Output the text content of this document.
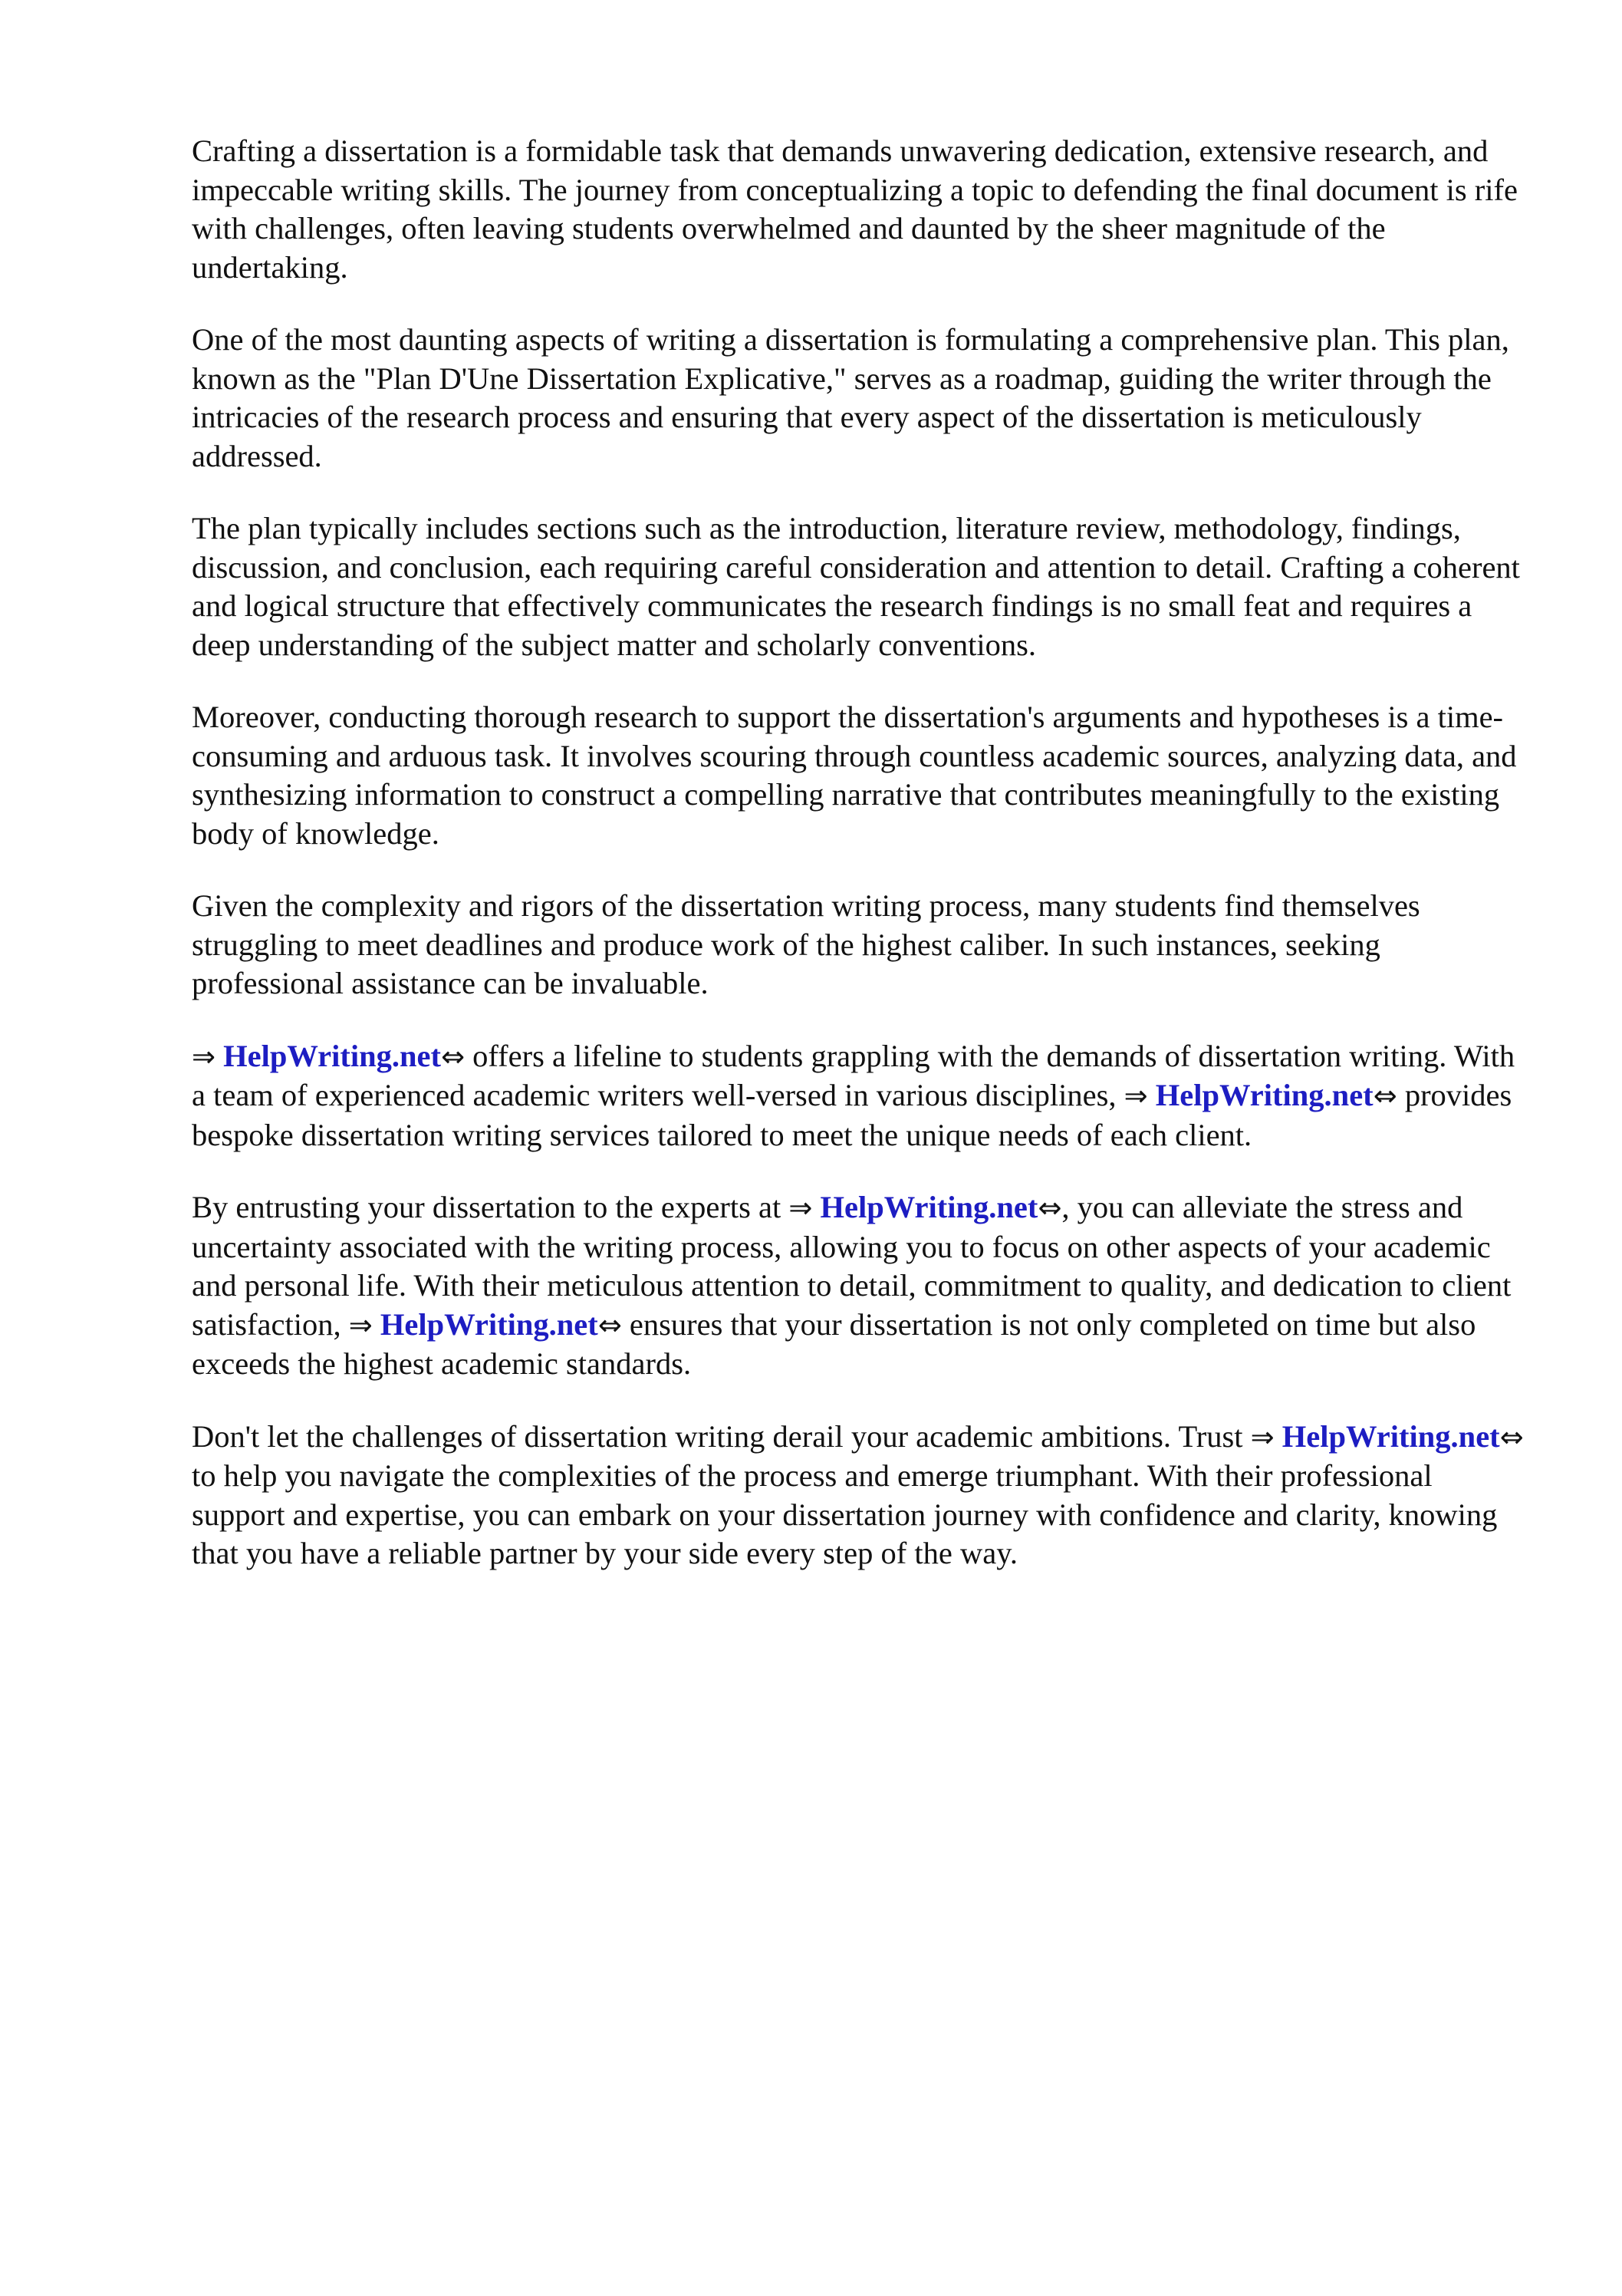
Crafting a dissertation is a formidable task that demands unwavering dedication, extensive research, and impeccable writing skills. The journey from conceptualizing a topic to defending the final document is rife with challenges, often leaving students overwhelmed and daunted by the sheer magnitude of the undertaking.

One of the most daunting aspects of writing a dissertation is formulating a comprehensive plan. This plan, known as the "Plan D'Une Dissertation Explicative," serves as a roadmap, guiding the writer through the intricacies of the research process and ensuring that every aspect of the dissertation is meticulously addressed.

The plan typically includes sections such as the introduction, literature review, methodology, findings, discussion, and conclusion, each requiring careful consideration and attention to detail. Crafting a coherent and logical structure that effectively communicates the research findings is no small feat and requires a deep understanding of the subject matter and scholarly conventions.

Moreover, conducting thorough research to support the dissertation's arguments and hypotheses is a time-consuming and arduous task. It involves scouring through countless academic sources, analyzing data, and synthesizing information to construct a compelling narrative that contributes meaningfully to the existing body of knowledge.

Given the complexity and rigors of the dissertation writing process, many students find themselves struggling to meet deadlines and produce work of the highest caliber. In such instances, seeking professional assistance can be invaluable.

⇒ HelpWriting.net⇔ offers a lifeline to students grappling with the demands of dissertation writing. With a team of experienced academic writers well-versed in various disciplines, ⇒ HelpWriting.net⇔ provides bespoke dissertation writing services tailored to meet the unique needs of each client.

By entrusting your dissertation to the experts at ⇒ HelpWriting.net⇔, you can alleviate the stress and uncertainty associated with the writing process, allowing you to focus on other aspects of your academic and personal life. With their meticulous attention to detail, commitment to quality, and dedication to client satisfaction, ⇒ HelpWriting.net⇔ ensures that your dissertation is not only completed on time but also exceeds the highest academic standards.

Don't let the challenges of dissertation writing derail your academic ambitions. Trust ⇒ HelpWriting.net⇔ to help you navigate the complexities of the process and emerge triumphant. With their professional support and expertise, you can embark on your dissertation journey with confidence and clarity, knowing that you have a reliable partner by your side every step of the way.
